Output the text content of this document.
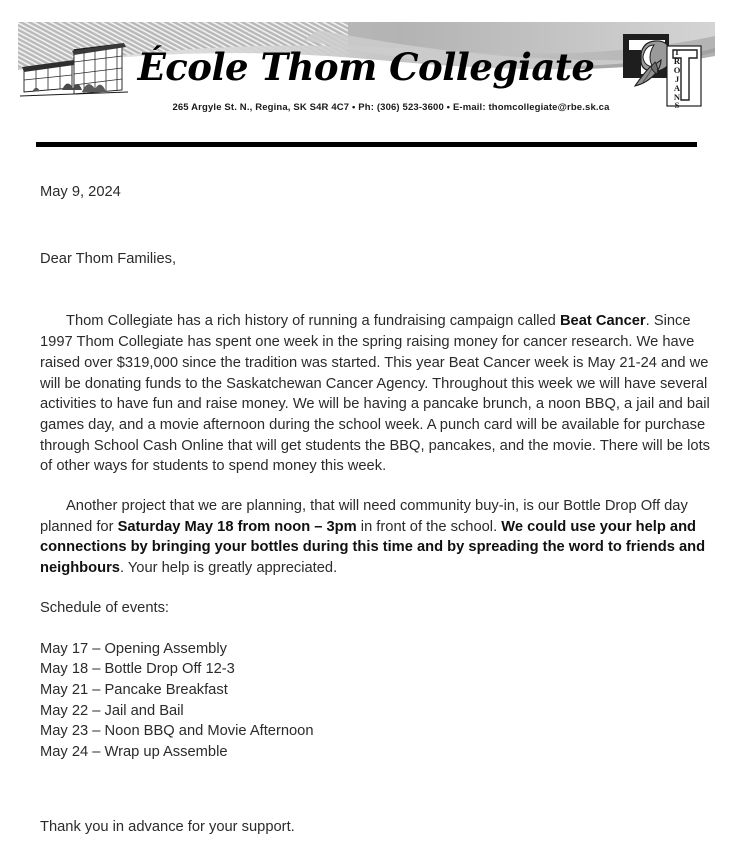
École Thom Collegiate	T
R
O
J
A
N
S
265 Argyle St. N., Regina, SK S4R 4C7 • Ph: (306) 523-3600 • E-mail: thomcollegiate@rbe.sk.ca

May 9, 2024

Dear Thom Families,

Thom Collegiate has a rich history of running a fundraising campaign called Beat Cancer. Since 1997 Thom Collegiate has spent one week in the spring raising money for cancer research. We have raised over $319,000 since the tradition was started. This year Beat Cancer week is May 21-24 and we will be donating funds to the Saskatchewan Cancer Agency. Throughout this week we will have several activities to have fun and raise money. We will be having a pancake brunch, a noon BBQ, a jail and bail games day, and a movie afternoon during the school week. A punch card will be available for purchase through School Cash Online that will get students the BBQ, pancakes, and the movie. There will be lots of other ways for students to spend money this week.

Another project that we are planning, that will need community buy-in, is our Bottle Drop Off day planned for Saturday May 18 from noon – 3pm in front of the school. We could use your help and connections by bringing your bottles during this time and by spreading the word to friends and neighbours. Your help is greatly appreciated.

Schedule of events:

May 17 – Opening Assembly
May 18 – Bottle Drop Off 12-3
May 21 – Pancake Breakfast
May 22 – Jail and Bail
May 23 – Noon BBQ and Movie Afternoon
May 24 – Wrap up Assemble

Thank you in advance for your support.
